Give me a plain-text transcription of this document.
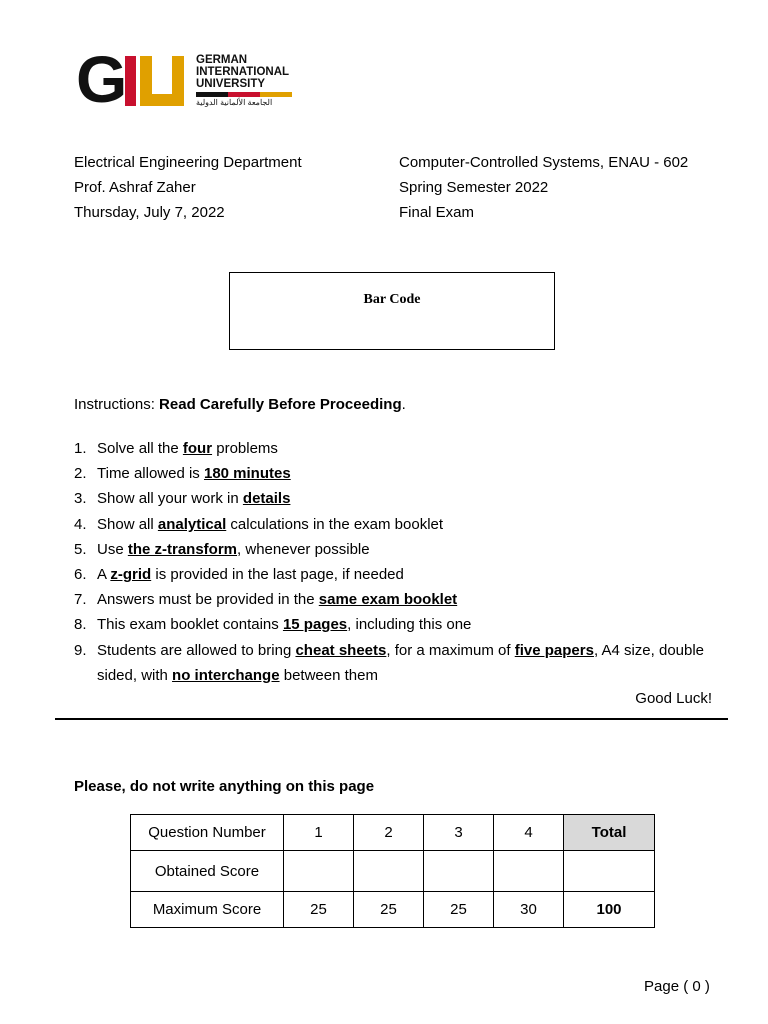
G	GERMAN
INTERNATIONAL
UNIVERSITY
الجامعة الألمانية الدولية
Electrical Engineering Department
Prof. Ashraf Zaher
Thursday, July 7, 2022
Computer-Controlled Systems, ENAU - 602
Spring Semester 2022
Final Exam
Bar Code
Instructions: Read Carefully Before Proceeding.
1. Solve all the four problems
2. Time allowed is 180 minutes
3. Show all your work in details
4. Show all analytical calculations in the exam booklet
5. Use the z-transform, whenever possible
6. A z-grid is provided in the last page, if needed
7. Answers must be provided in the same exam booklet
8. This exam booklet contains 15 pages, including this one
9. Students are allowed to bring cheat sheets, for a maximum of five papers, A4 size, double sided, with no interchange between them
Good Luck!
Please, do not write anything on this page
Question Number	1	2	3	4	Total
Obtained Score					
Maximum Score	25	25	25	30	100
Page ( 0 )
